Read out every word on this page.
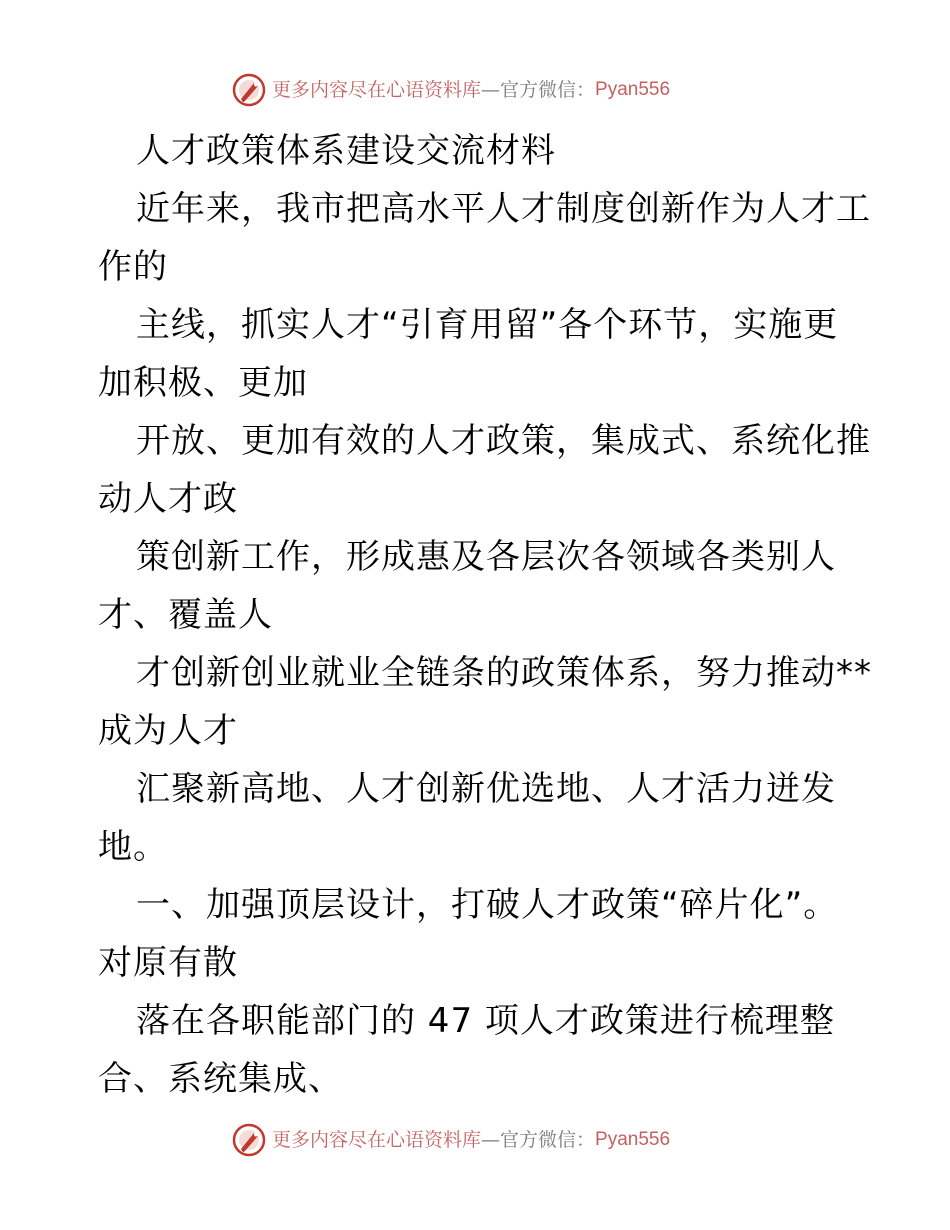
更多内容尽在心语资料库 — 官方微信： Pyan556
人才政策体系建设交流材料
近年来，我市把高水平人才制度创新作为人才工
作的
主线，抓实人才“引育用留”各个环节，实施更
加积极、更加
开放、更加有效的人才政策，集成式、系统化推
动人才政
策创新工作，形成惠及各层次各领域各类别人
才、覆盖人
才创新创业就业全链条的政策体系，努力推动**
成为人才
汇聚新高地、人才创新优选地、人才活力迸发
地。
一、加强顶层设计，打破人才政策“碎片化”。
对原有散
落在各职能部门的 47 项人才政策进行梳理整
合、系统集成、
更多内容尽在心语资料库 — 官方微信： Pyan556
